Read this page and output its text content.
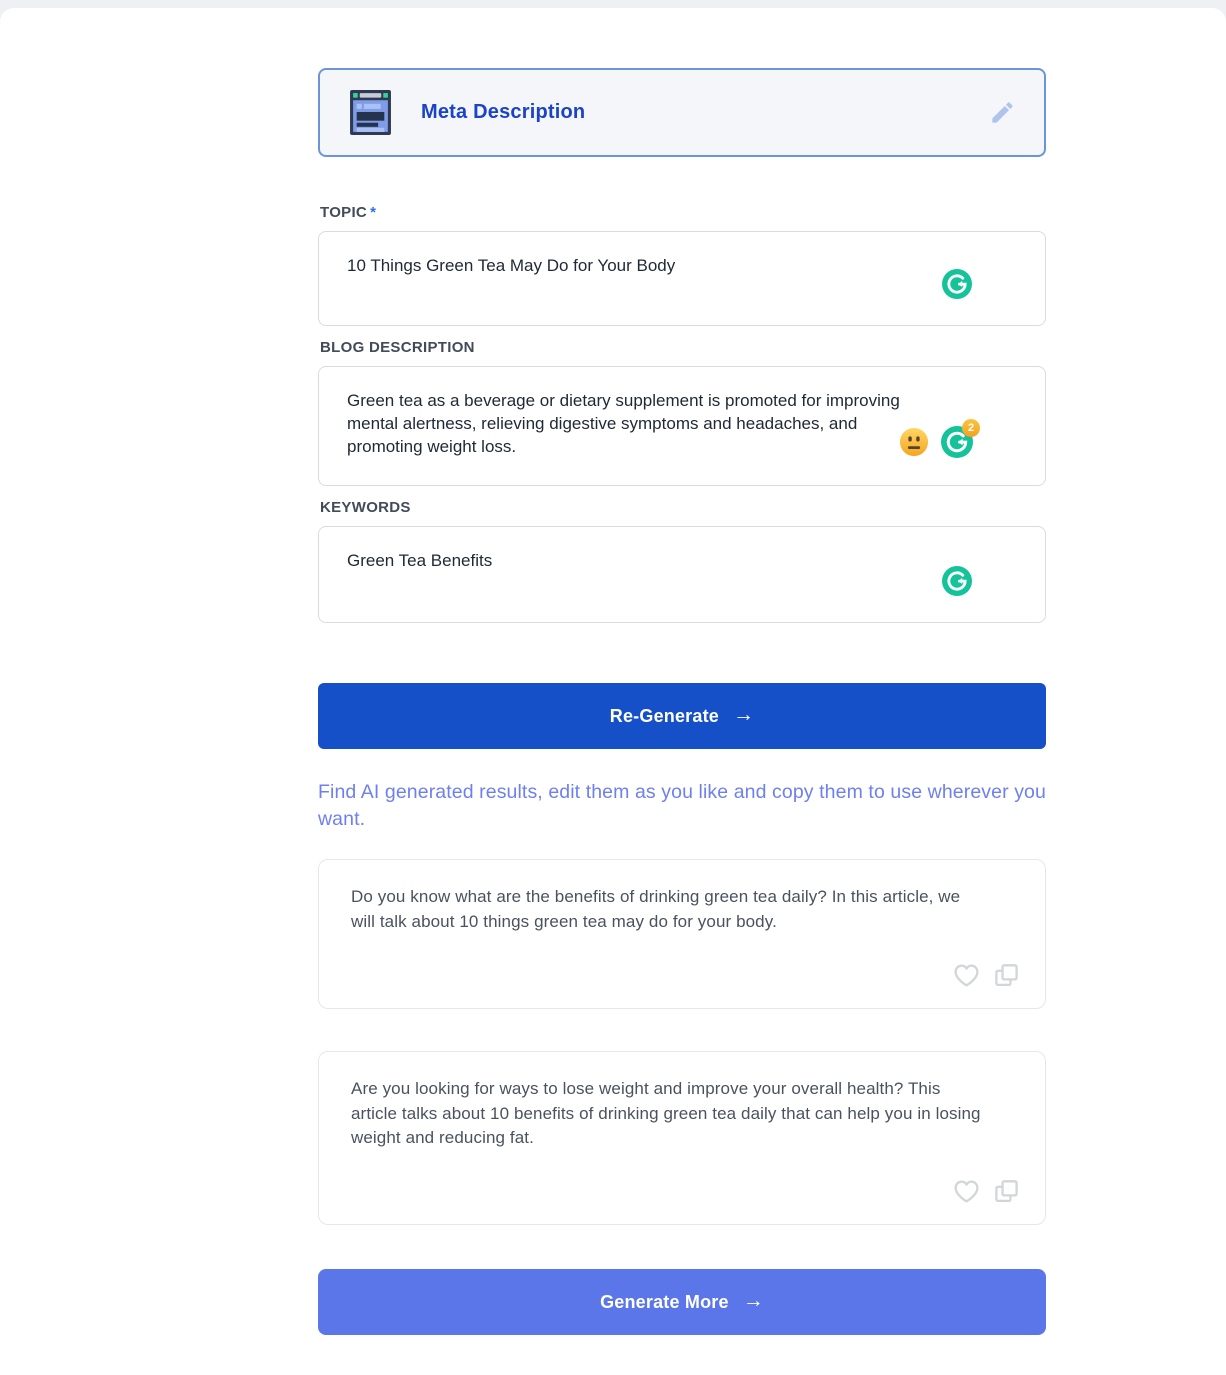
Meta Description
TOPIC *
10 Things Green Tea May Do for Your Body
BLOG DESCRIPTION
Green tea as a beverage or dietary supplement is promoted for improving mental alertness, relieving digestive symptoms and headaches, and promoting weight loss.
2
KEYWORDS
Green Tea Benefits
Re-Generate →
Find AI generated results, edit them as you like and copy them to use wherever you want.
Do you know what are the benefits of drinking green tea daily? In this article, we will talk about 10 things green tea may do for your body.
Are you looking for ways to lose weight and improve your overall health? This article talks about 10 benefits of drinking green tea daily that can help you in losing weight and reducing fat.
Generate More →
